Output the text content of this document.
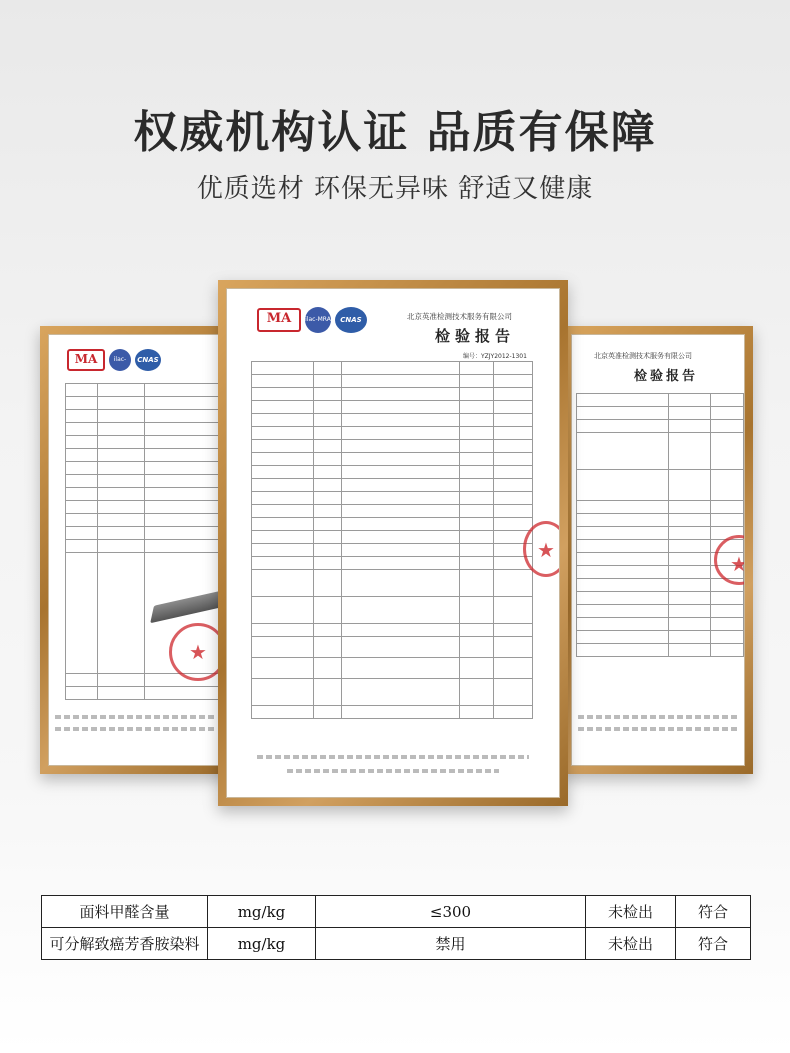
权威机构认证 品质有保障
优质选材 环保无异味 舒适又健康
MA	ilac-MRA
CNAS

★	北京英准检测技术服务有限公司
检验报告

★
MA	ilac-MRA	CNAS	北京英准检测技术服务有限公司
检验报告
编号：YZJY2012-1301

★
面料甲醛含量	mg/kg	≤300	未检出	符合
可分解致癌芳香胺染料	mg/kg	禁用	未检出	符合
